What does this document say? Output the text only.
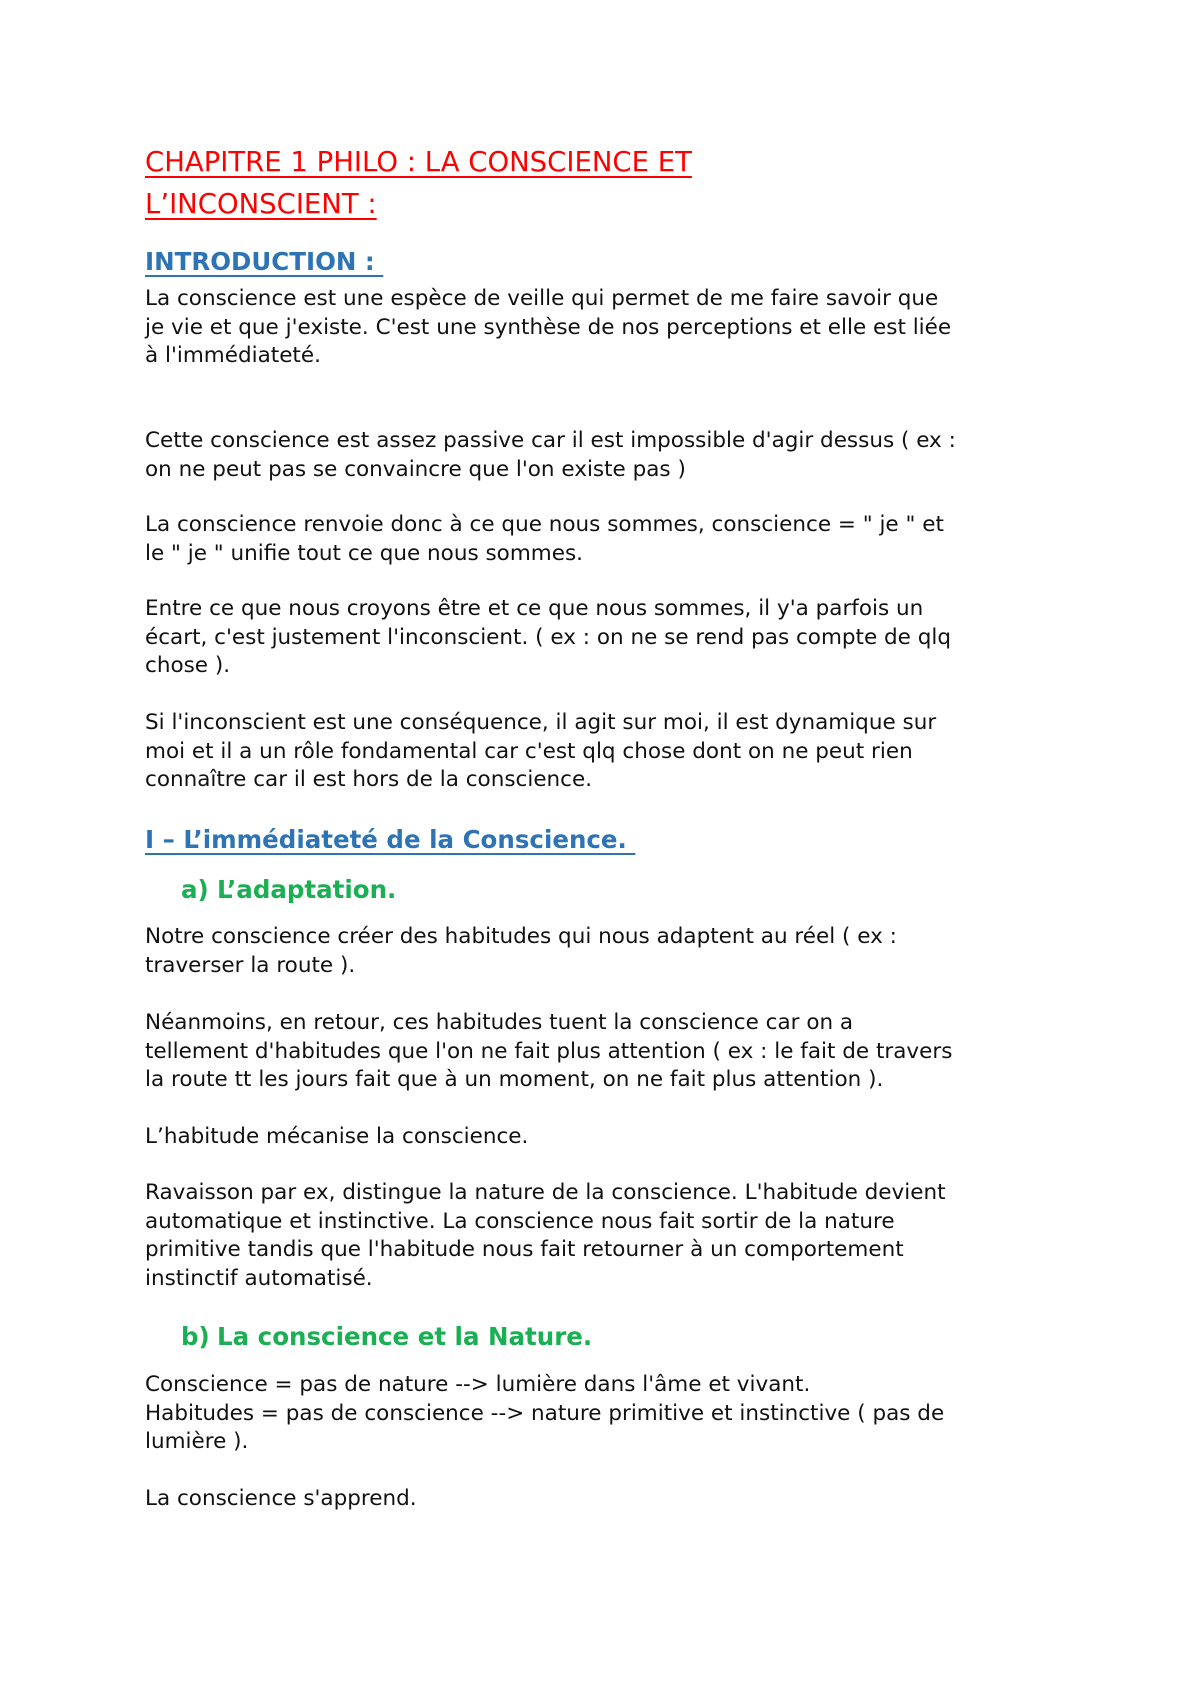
CHAPITRE 1 PHILO : LA CONSCIENCE ET
L’INCONSCIENT :
INTRODUCTION :

La conscience est une espèce de veille qui permet de me faire savoir que
je vie et que j'existe. C'est une synthèse de nos perceptions et elle est liée
à l'immédiateté.

Cette conscience est assez passive car il est impossible d'agir dessus ( ex :
on ne peut pas se convaincre que l'on existe pas )

La conscience renvoie donc à ce que nous sommes, conscience = " je " et
le " je " unifie tout ce que nous sommes.

Entre ce que nous croyons être et ce que nous sommes, il y'a parfois un
écart, c'est justement l'inconscient. ( ex : on ne se rend pas compte de qlq
chose ).

Si l'inconscient est une conséquence, il agit sur moi, il est dynamique sur
moi et il a un rôle fondamental car c'est qlq chose dont on ne peut rien
connaître car il est hors de la conscience.

I – L’immédiateté de la Conscience.
a) L’adaptation.

Notre conscience créer des habitudes qui nous adaptent au réel ( ex :
traverser la route ).

Néanmoins, en retour, ces habitudes tuent la conscience car on a
tellement d'habitudes que l'on ne fait plus attention ( ex : le fait de travers
la route tt les jours fait que à un moment, on ne fait plus attention ).

L’habitude mécanise la conscience.

Ravaisson par ex, distingue la nature de la conscience. L'habitude devient
automatique et instinctive. La conscience nous fait sortir de la nature
primitive tandis que l'habitude nous fait retourner à un comportement
instinctif automatisé.

b) La conscience et la Nature.

Conscience = pas de nature --> lumière dans l'âme et vivant.
Habitudes = pas de conscience --> nature primitive et instinctive ( pas de
lumière ).

La conscience s'apprend.
